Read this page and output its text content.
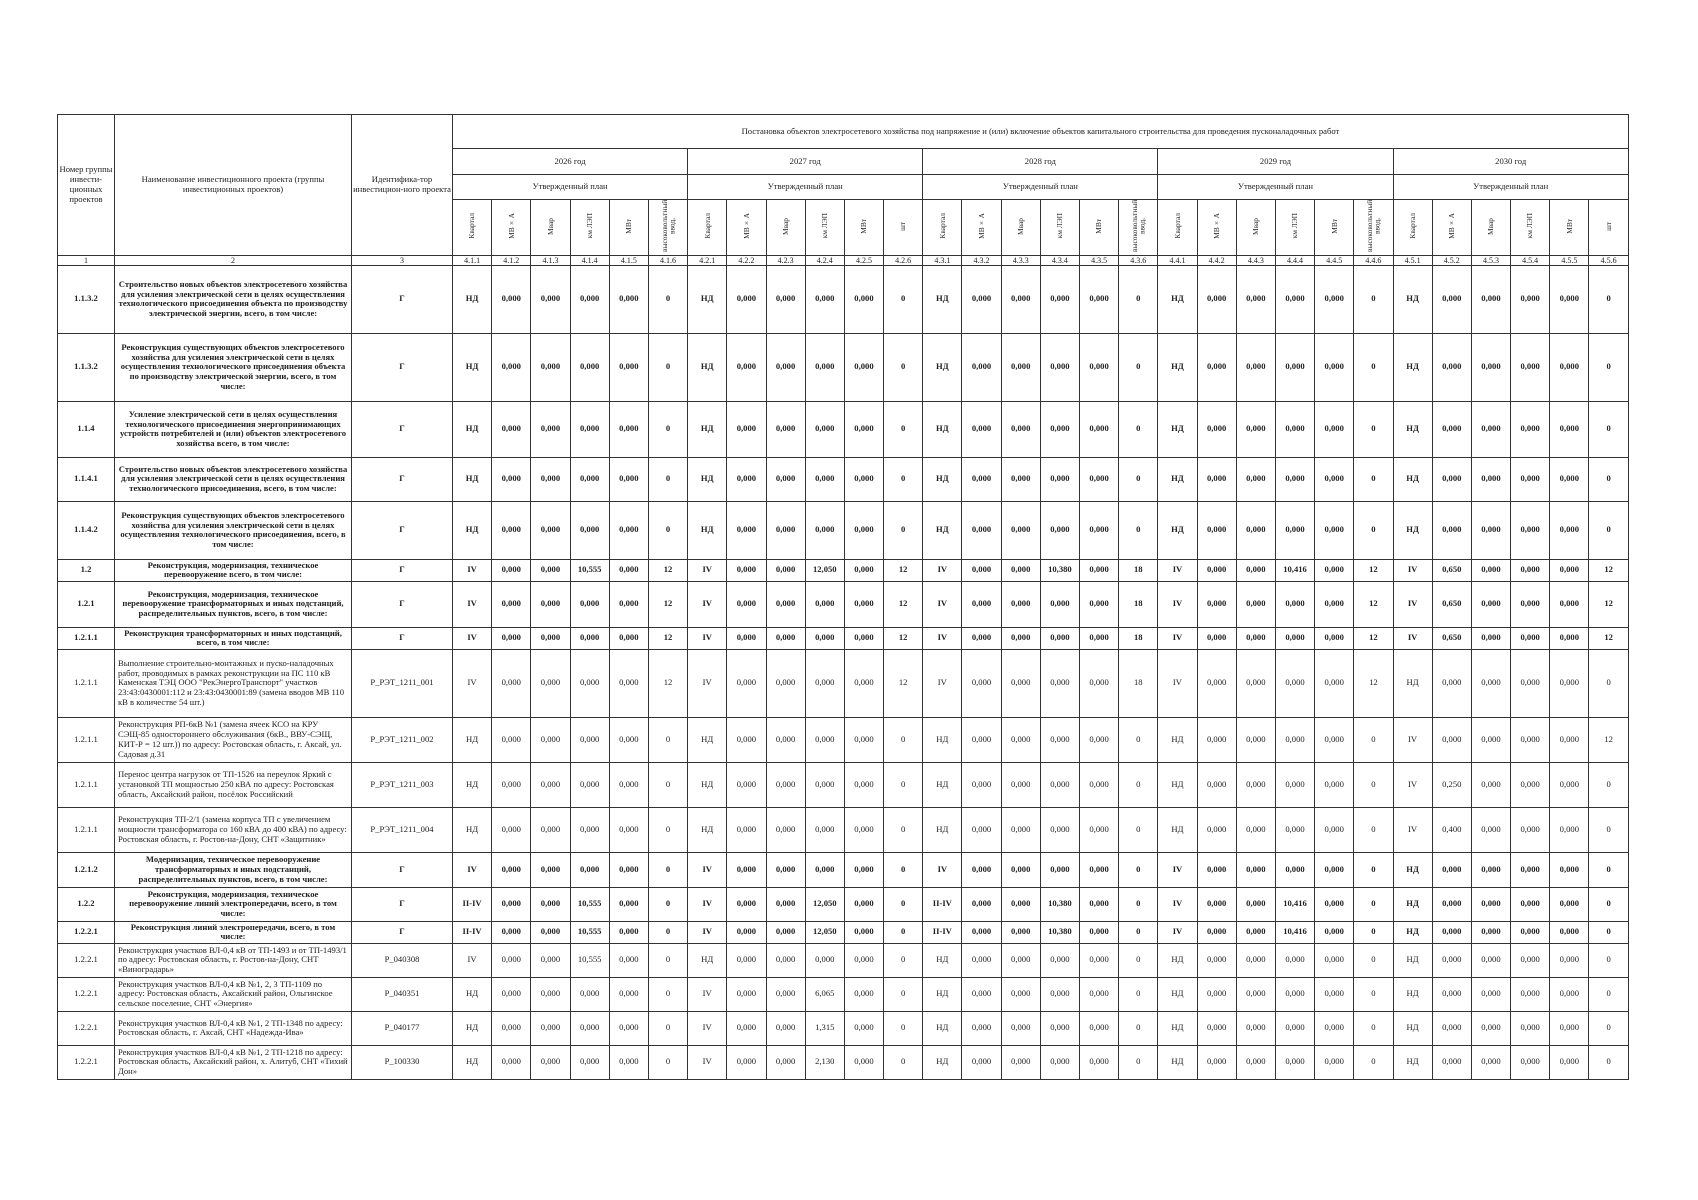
Номер группы инвести-ционных проектов	Наименование инвестиционного проекта (группы инвестиционных проектов)	Идентифика-тор инвестицион-ного проекта	Постановка объектов электросетевого хозяйства под напряжение и (или) включение объектов капитального строительства для проведения пусконаладочных работ																													
			2026 год						2027 год						2028 год						2029 год						2030 год					
			Утвержденный план						Утвержденный план						Утвержденный план						Утвержденный план						Утвержденный план					
			Квартал	МВ×А	Мвар	км ЛЭП	МВт	высоковольтный ввод,	Квартал	МВ×А	Мвар	км ЛЭП	МВт	шт	Квартал	МВ×А	Мвар	км ЛЭП	МВт	высоковольтный ввод,	Квартал	МВ×А	Мвар	км ЛЭП	МВт	высоковольтный ввод,	Квартал	МВ×А	Мвар	км ЛЭП	МВт	шт
1	2	3	4.1.1	4.1.2	4.1.3	4.1.4	4.1.5	4.1.6	4.2.1	4.2.2	4.2.3	4.2.4	4.2.5	4.2.6	4.3.1	4.3.2	4.3.3	4.3.4	4.3.5	4.3.6	4.4.1	4.4.2	4.4.3	4.4.4	4.4.5	4.4.6	4.5.1	4.5.2	4.5.3	4.5.4	4.5.5	4.5.6
1.1.3.2	Строительство новых объектов электросетевого хозяйства для усиления электрической сети в целях осуществления технологического присоединения объекта по производству электрической энергии, всего, в том числе:	Г	НД	0,000	0,000	0,000	0,000	0	НД	0,000	0,000	0,000	0,000	0	НД	0,000	0,000	0,000	0,000	0	НД	0,000	0,000	0,000	0,000	0	НД	0,000	0,000	0,000	0,000	0
1.1.3.2	Реконструкция существующих объектов электросетевого хозяйства для усиления электрической сети в целях осуществления технологического присоединения объекта по производству электрической энергии, всего, в том числе:	Г	НД	0,000	0,000	0,000	0,000	0	НД	0,000	0,000	0,000	0,000	0	НД	0,000	0,000	0,000	0,000	0	НД	0,000	0,000	0,000	0,000	0	НД	0,000	0,000	0,000	0,000	0
1.1.4	Усиление электрической сети в целях осуществления технологического присоединения энергопринимающих устройств потребителей и (или) объектов электросетевого хозяйства всего, в том числе:	Г	НД	0,000	0,000	0,000	0,000	0	НД	0,000	0,000	0,000	0,000	0	НД	0,000	0,000	0,000	0,000	0	НД	0,000	0,000	0,000	0,000	0	НД	0,000	0,000	0,000	0,000	0
1.1.4.1	Строительство новых объектов электросетевого хозяйства для усиления электрической сети в целях осуществления технологического присоединения, всего, в том числе:	Г	НД	0,000	0,000	0,000	0,000	0	НД	0,000	0,000	0,000	0,000	0	НД	0,000	0,000	0,000	0,000	0	НД	0,000	0,000	0,000	0,000	0	НД	0,000	0,000	0,000	0,000	0
1.1.4.2	Реконструкция существующих объектов электросетевого хозяйства для усиления электрической сети в целях осуществления технологического присоединения, всего, в том числе:	Г	НД	0,000	0,000	0,000	0,000	0	НД	0,000	0,000	0,000	0,000	0	НД	0,000	0,000	0,000	0,000	0	НД	0,000	0,000	0,000	0,000	0	НД	0,000	0,000	0,000	0,000	0
1.2	Реконструкция, модернизация, техническое перевооружение всего, в том числе:	Г	IV	0,000	0,000	10,555	0,000	12	IV	0,000	0,000	12,050	0,000	12	IV	0,000	0,000	10,380	0,000	18	IV	0,000	0,000	10,416	0,000	12	IV	0,650	0,000	0,000	0,000	12
1.2.1	Реконструкция, модернизация, техническое перевооружение трансформаторных и иных подстанций, распределительных пунктов, всего, в том числе:	Г	IV	0,000	0,000	0,000	0,000	12	IV	0,000	0,000	0,000	0,000	12	IV	0,000	0,000	0,000	0,000	18	IV	0,000	0,000	0,000	0,000	12	IV	0,650	0,000	0,000	0,000	12
1.2.1.1	Реконструкция трансформаторных и иных подстанций, всего, в том числе:	Г	IV	0,000	0,000	0,000	0,000	12	IV	0,000	0,000	0,000	0,000	12	IV	0,000	0,000	0,000	0,000	18	IV	0,000	0,000	0,000	0,000	12	IV	0,650	0,000	0,000	0,000	12
1.2.1.1	Выполнение строительно-монтажных и пуско-наладочных работ, проводимых в рамках реконструкции на ПС 110 кВ Каменская ТЭЦ ООО "РекЭнергоТранспорт" участков 23:43:0430001:112 и 23:43:0430001:89 (замена вводов МВ 110 кВ в количестве 54 шт.)	Р_РЭТ_1211_001	IV	0,000	0,000	0,000	0,000	12	IV	0,000	0,000	0,000	0,000	12	IV	0,000	0,000	0,000	0,000	18	IV	0,000	0,000	0,000	0,000	12	НД	0,000	0,000	0,000	0,000	0
1.2.1.1	Реконструкция РП-6кВ №1 (замена ячеек КСО на КРУ СЭЩ-85 одностороннего обслуживания (6кВ., ВВУ-СЭЩ, КИТ-Р = 12 шт.)) по адресу: Ростовская область, г. Аксай, ул. Садовая д.31	Р_РЭТ_1211_002	НД	0,000	0,000	0,000	0,000	0	НД	0,000	0,000	0,000	0,000	0	НД	0,000	0,000	0,000	0,000	0	НД	0,000	0,000	0,000	0,000	0	IV	0,000	0,000	0,000	0,000	12
1.2.1.1	Перенос центра нагрузок от ТП-1526 на переулок Яркий с установкой ТП мощностью 250 кВА по адресу: Ростовская область, Аксайский район, посёлок Российский	Р_РЭТ_1211_003	НД	0,000	0,000	0,000	0,000	0	НД	0,000	0,000	0,000	0,000	0	НД	0,000	0,000	0,000	0,000	0	НД	0,000	0,000	0,000	0,000	0	IV	0,250	0,000	0,000	0,000	0
1.2.1.1	Реконструкция ТП-2/1 (замена корпуса ТП с увеличением мощности трансформатора со 160 кВА до 400 кВА) по адресу: Ростовская область, г. Ростов-на-Дону, СНТ «Защитник»	Р_РЭТ_1211_004	НД	0,000	0,000	0,000	0,000	0	НД	0,000	0,000	0,000	0,000	0	НД	0,000	0,000	0,000	0,000	0	НД	0,000	0,000	0,000	0,000	0	IV	0,400	0,000	0,000	0,000	0
1.2.1.2	Модернизация, техническое перевооружение трансформаторных и иных подстанций, распределительных пунктов, всего, в том числе:	Г	IV	0,000	0,000	0,000	0,000	0	IV	0,000	0,000	0,000	0,000	0	IV	0,000	0,000	0,000	0,000	0	IV	0,000	0,000	0,000	0,000	0	НД	0,000	0,000	0,000	0,000	0
1.2.2	Реконструкция, модернизация, техническое перевооружение линий электропередачи, всего, в том числе:	Г	II-IV	0,000	0,000	10,555	0,000	0	IV	0,000	0,000	12,050	0,000	0	II-IV	0,000	0,000	10,380	0,000	0	IV	0,000	0,000	10,416	0,000	0	НД	0,000	0,000	0,000	0,000	0
1.2.2.1	Реконструкция линий электропередачи, всего, в том числе:	Г	II-IV	0,000	0,000	10,555	0,000	0	IV	0,000	0,000	12,050	0,000	0	II-IV	0,000	0,000	10,380	0,000	0	IV	0,000	0,000	10,416	0,000	0	НД	0,000	0,000	0,000	0,000	0
1.2.2.1	Реконструкция участков ВЛ-0,4 кВ от ТП-1493 и от ТП-1493/1 по адресу: Ростовская область, г. Ростов-на-Дону, СНТ «Виноградарь»	Р_040308	IV	0,000	0,000	10,555	0,000	0	НД	0,000	0,000	0,000	0,000	0	НД	0,000	0,000	0,000	0,000	0	НД	0,000	0,000	0,000	0,000	0	НД	0,000	0,000	0,000	0,000	0
1.2.2.1	Реконструкция участков ВЛ-0,4 кВ №1, 2, 3 ТП-1109 по адресу: Ростовская область, Аксайский район, Ольгинское сельское поселение, СНТ «Энергия»	Р_040351	НД	0,000	0,000	0,000	0,000	0	IV	0,000	0,000	6,065	0,000	0	НД	0,000	0,000	0,000	0,000	0	НД	0,000	0,000	0,000	0,000	0	НД	0,000	0,000	0,000	0,000	0
1.2.2.1	Реконструкция участков ВЛ-0,4 кВ №1, 2 ТП-1348 по адресу: Ростовская область, г. Аксай, СНТ «Надежда-Ива»	Р_040177	НД	0,000	0,000	0,000	0,000	0	IV	0,000	0,000	1,315	0,000	0	НД	0,000	0,000	0,000	0,000	0	НД	0,000	0,000	0,000	0,000	0	НД	0,000	0,000	0,000	0,000	0
1.2.2.1	Реконструкция участков ВЛ-0,4 кВ №1, 2 ТП-1218 по адресу: Ростовская область, Аксайский район, х. Алитуб, СНТ «Тихий Дон»	Р_100330	НД	0,000	0,000	0,000	0,000	0	IV	0,000	0,000	2,130	0,000	0	НД	0,000	0,000	0,000	0,000	0	НД	0,000	0,000	0,000	0,000	0	НД	0,000	0,000	0,000	0,000	0
